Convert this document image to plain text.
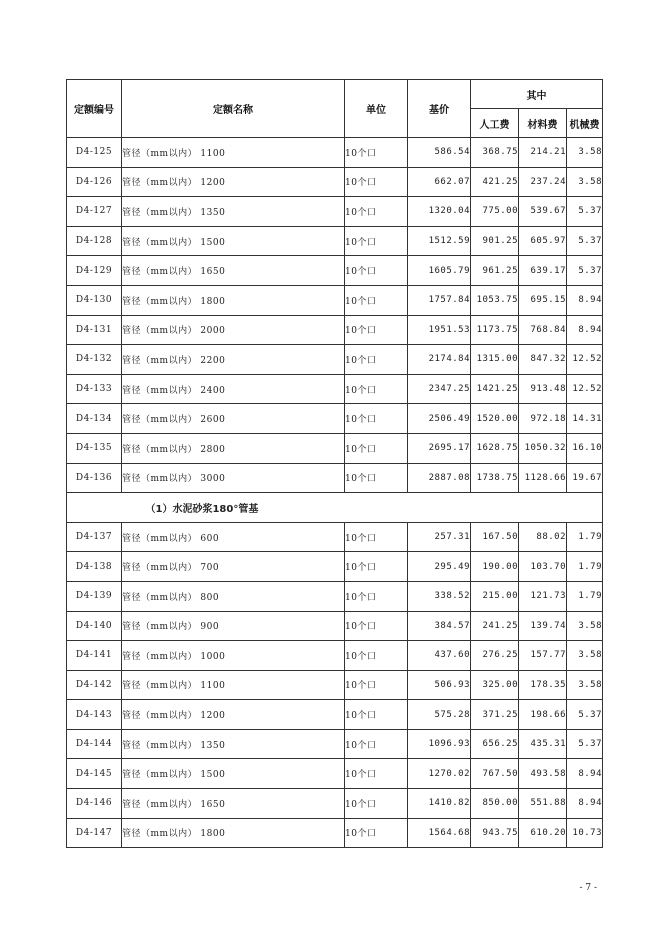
定额编号	定额名称	单位	基价	其中		
				人工费	材料费	机械费
D4-125	管径（mm以内） 1100	10个口	586.54	368.75	214.21	3.58
D4-126	管径（mm以内） 1200	10个口	662.07	421.25	237.24	3.58
D4-127	管径（mm以内） 1350	10个口	1320.04	775.00	539.67	5.37
D4-128	管径（mm以内） 1500	10个口	1512.59	901.25	605.97	5.37
D4-129	管径（mm以内） 1650	10个口	1605.79	961.25	639.17	5.37
D4-130	管径（mm以内） 1800	10个口	1757.84	1053.75	695.15	8.94
D4-131	管径（mm以内） 2000	10个口	1951.53	1173.75	768.84	8.94
D4-132	管径（mm以内） 2200	10个口	2174.84	1315.00	847.32	12.52
D4-133	管径（mm以内） 2400	10个口	2347.25	1421.25	913.48	12.52
D4-134	管径（mm以内） 2600	10个口	2506.49	1520.00	972.18	14.31
D4-135	管径（mm以内） 2800	10个口	2695.17	1628.75	1050.32	16.10
D4-136	管径（mm以内） 3000	10个口	2887.08	1738.75	1128.66	19.67
	（1）水泥砂浆180°管基					
D4-137	管径（mm以内） 600	10个口	257.31	167.50	88.02	1.79
D4-138	管径（mm以内） 700	10个口	295.49	190.00	103.70	1.79
D4-139	管径（mm以内） 800	10个口	338.52	215.00	121.73	1.79
D4-140	管径（mm以内） 900	10个口	384.57	241.25	139.74	3.58
D4-141	管径（mm以内） 1000	10个口	437.60	276.25	157.77	3.58
D4-142	管径（mm以内） 1100	10个口	506.93	325.00	178.35	3.58
D4-143	管径（mm以内） 1200	10个口	575.28	371.25	198.66	5.37
D4-144	管径（mm以内） 1350	10个口	1096.93	656.25	435.31	5.37
D4-145	管径（mm以内） 1500	10个口	1270.02	767.50	493.58	8.94
D4-146	管径（mm以内） 1650	10个口	1410.82	850.00	551.88	8.94
D4-147	管径（mm以内） 1800	10个口	1564.68	943.75	610.20	10.73
- 7 -
